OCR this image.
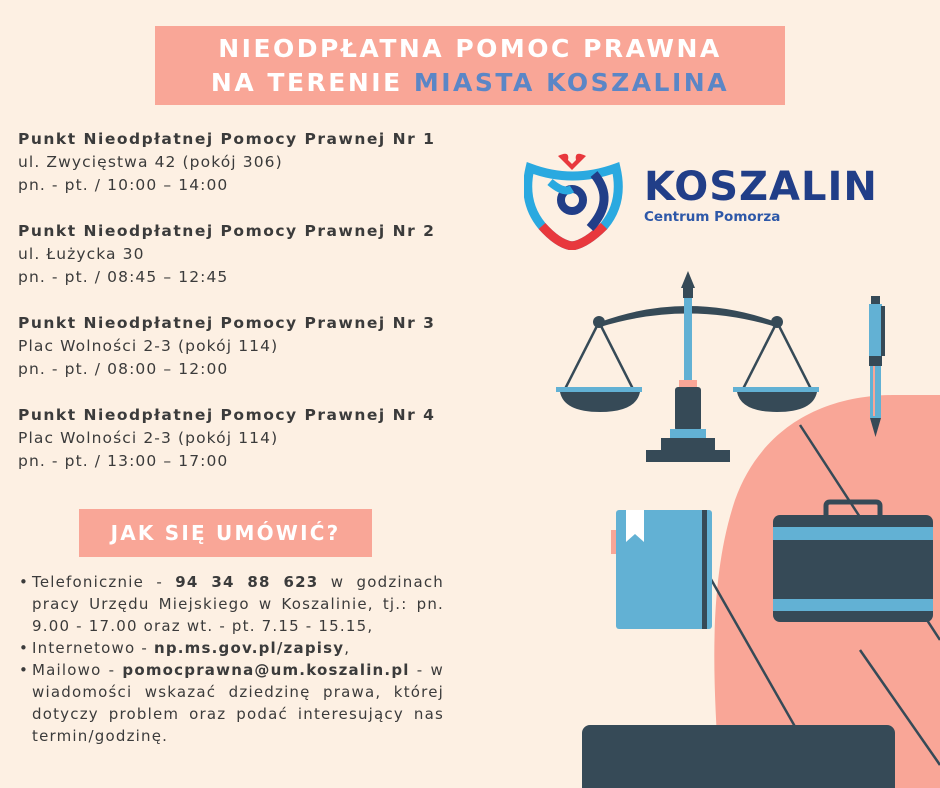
NIEODPŁATNA POMOC PRAWNA
NA TERENIE MIASTA KOSZALINA
Punkt Nieodpłatnej Pomocy Prawnej Nr 1
ul. Zwycięstwa 42 (pokój 306)
pn. - pt. / 10:00 – 14:00
Punkt Nieodpłatnej Pomocy Prawnej Nr 2
ul. Łużycka 30
pn. - pt. / 08:45 – 12:45
Punkt Nieodpłatnej Pomocy Prawnej Nr 3
Plac Wolności 2-3 (pokój 114)
pn. - pt. / 08:00 – 12:00
Punkt Nieodpłatnej Pomocy Prawnej Nr 4
Plac Wolności 2-3 (pokój 114)
pn. - pt. / 13:00 – 17:00
JAK SIĘ UMÓWIĆ?
• Telefonicznie - 94 34 88 623 w godzinach pracy Urzędu Miejskiego w Koszalinie, tj.: pn. 9.00 - 17.00 oraz wt. - pt. 7.15 - 15.15,
• Internetowo - np.ms.gov.pl/zapisy,
• Mailowo - pomocprawna@um.koszalin.pl - w wiadomości wskazać dziedzinę prawa, której dotyczy problem oraz podać interesujący nas termin/godzinę.
KOSZALIN
Centrum Pomorza
